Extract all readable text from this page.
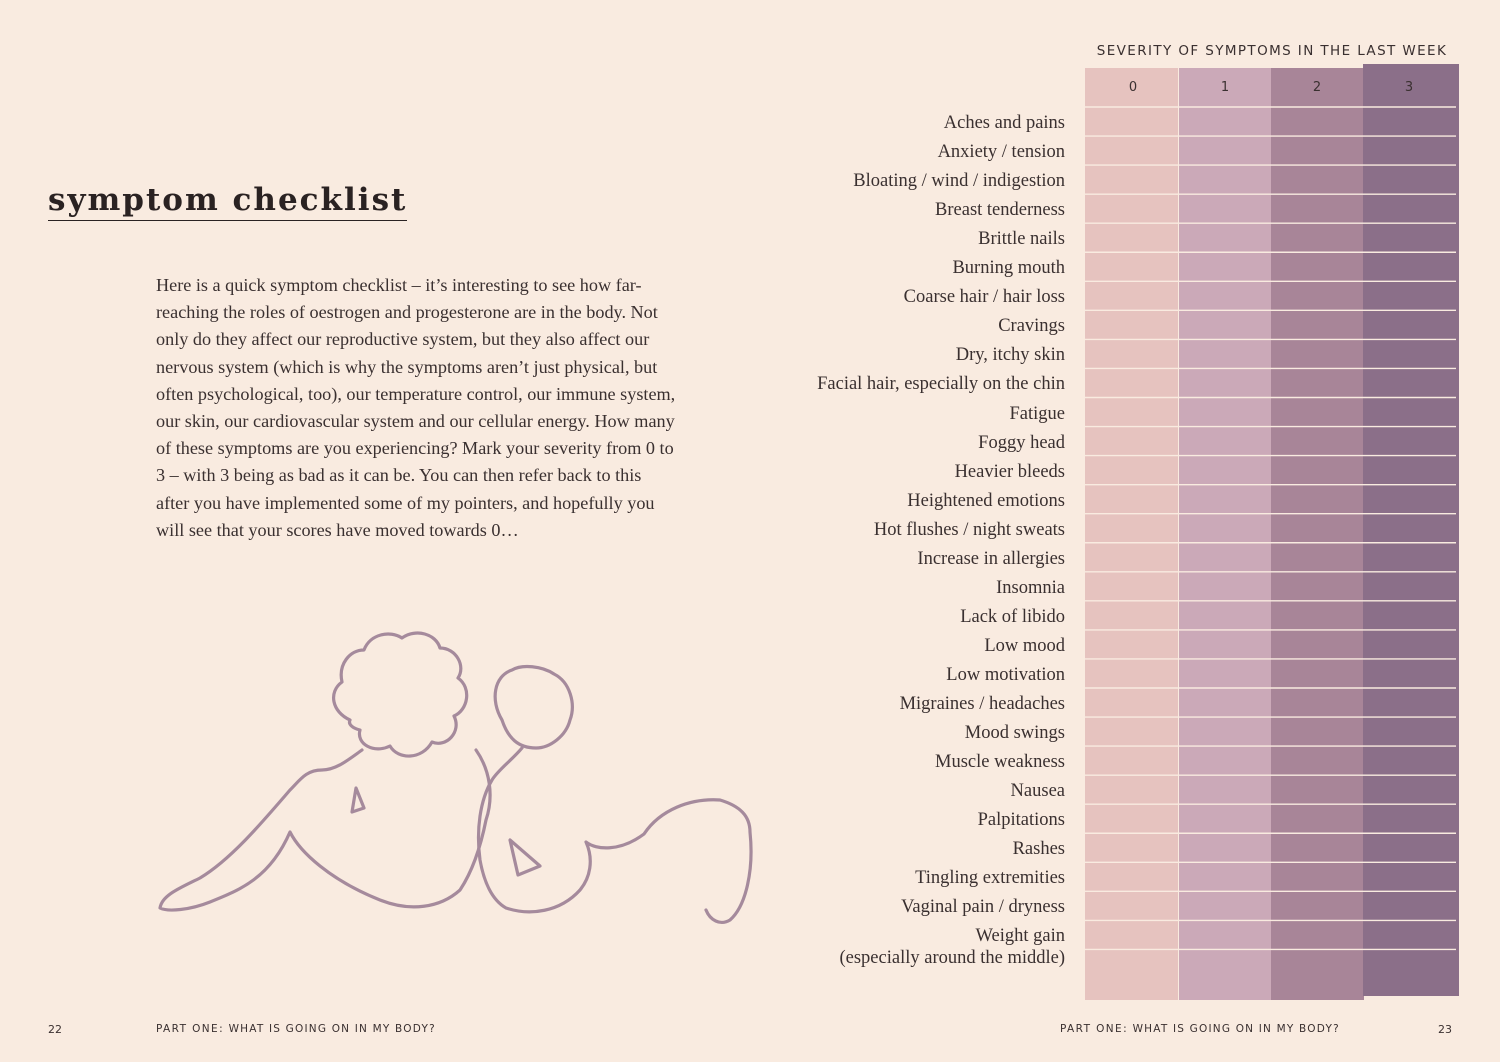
symptom checklist

Here is a quick symptom checklist – it’s interesting to see how far-reaching the roles of oestrogen and progesterone are in the body. Not only do they affect our reproductive system, but they also affect our nervous system (which is why the symptoms aren’t just physical, but often psychological, too), our temperature control, our immune system, our skin, our cardiovascular system and our cellular energy. How many of these symptoms are you experiencing? Mark your severity from 0 to 3 – with 3 being as bad as it can be. You can then refer back to this after you have implemented some of my pointers, and hopefully you will see that your scores have moved towards 0…

22	PART ONE: WHAT IS GOING ON IN MY BODY?
SEVERITY OF SYMPTOMS IN THE LAST WEEK
0	1	2	3
Aches and pains
Anxiety / tension
Bloating / wind / indigestion
Breast tenderness
Brittle nails
Burning mouth
Coarse hair / hair loss
Cravings
Dry, itchy skin
Facial hair, especially on the chin
Fatigue
Foggy head
Heavier bleeds
Heightened emotions
Hot flushes / night sweats
Increase in allergies
Insomnia
Lack of libido
Low mood
Low motivation
Migraines / headaches
Mood swings
Muscle weakness
Nausea
Palpitations
Rashes
Tingling extremities
Vaginal pain / dryness
Weight gain
(especially around the middle)
PART ONE: WHAT IS GOING ON IN MY BODY?	23
